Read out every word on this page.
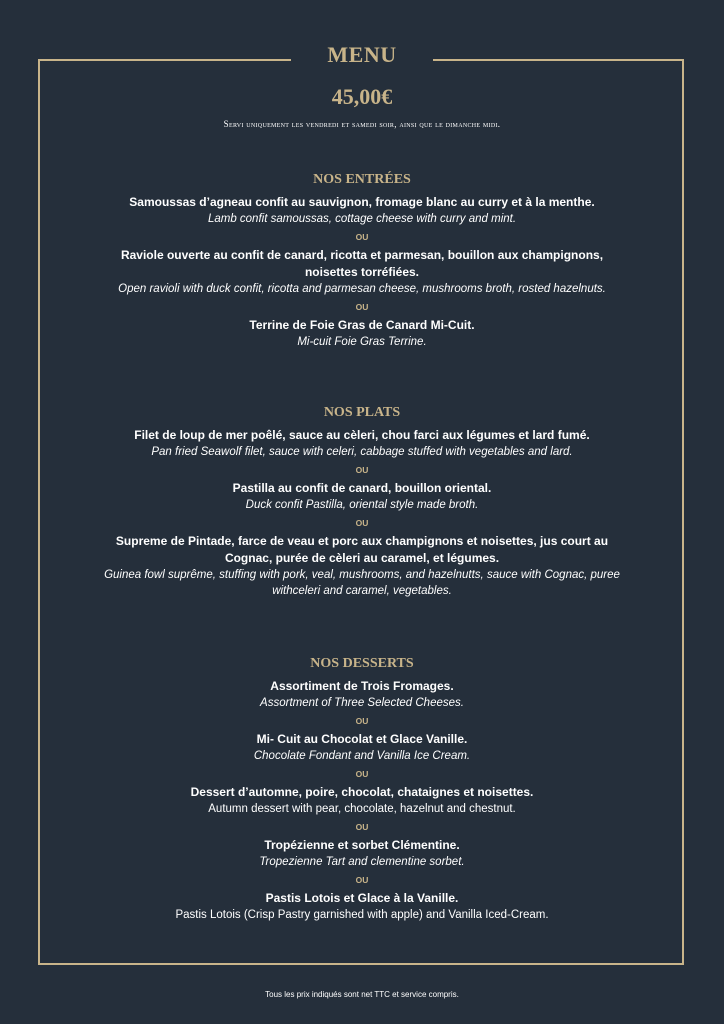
MENU
45,00€
Servi uniquement les vendredi et samedi soir, ainsi que le dimanche midi.
NOS ENTRÉES
Samoussas d’agneau confit au sauvignon, fromage blanc au curry et à la menthe.
Lamb confit samoussas, cottage cheese with curry and mint.
OU
Raviole ouverte au confit de canard, ricotta et parmesan, bouillon aux champignons, noisettes torréfiées.
Open ravioli with duck confit, ricotta and parmesan cheese, mushrooms broth, rosted hazelnuts.
OU
Terrine de Foie Gras de Canard Mi-Cuit.
Mi-cuit Foie Gras Terrine.
NOS PLATS
Filet de loup de mer poêlé, sauce au cèleri, chou farci aux légumes et lard fumé.
Pan fried Seawolf filet, sauce with celeri, cabbage stuffed with vegetables and lard.
OU
Pastilla au confit de canard, bouillon oriental.
Duck confit Pastilla, oriental style made broth.
OU
Supreme de Pintade, farce de veau et porc aux champignons et noisettes, jus court au Cognac, purée de cèleri au caramel, et légumes.
Guinea fowl suprême, stuffing with pork, veal, mushrooms, and hazelnutts, sauce with Cognac, puree withceleri and caramel, vegetables.
NOS DESSERTS
Assortiment de Trois Fromages.
Assortment of Three Selected Cheeses.
OU
Mi- Cuit au Chocolat et Glace Vanille.
Chocolate Fondant and Vanilla Ice Cream.
OU
Dessert d’automne, poire, chocolat, chataignes et noisettes.
Autumn dessert with pear, chocolate, hazelnut and chestnut.
OU
Tropézienne et sorbet Clémentine.
Tropezienne Tart and clementine sorbet.
OU
Pastis Lotois et Glace à la Vanille.
Pastis Lotois (Crisp Pastry garnished with apple) and Vanilla Iced-Cream.
Tous les prix indiqués sont net TTC et service compris.
